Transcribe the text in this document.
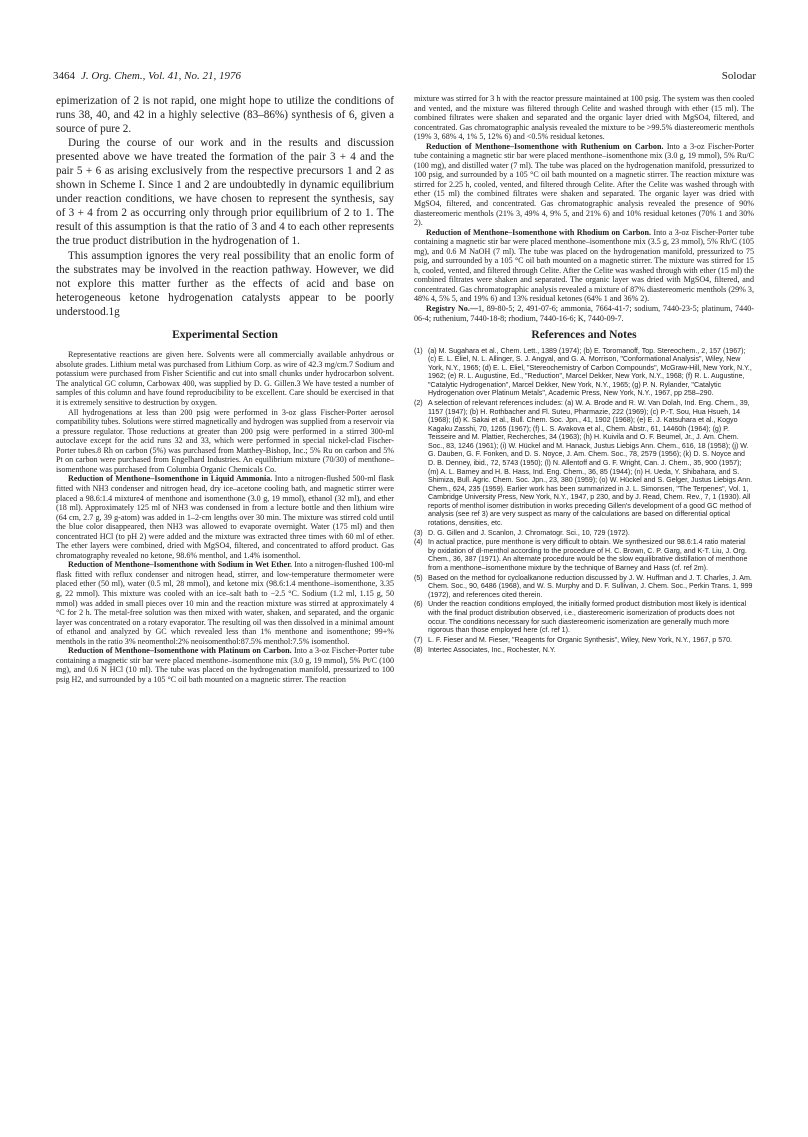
3464 J. Org. Chem., Vol. 41, No. 21, 1976	Solodar

epimerization of 2 is not rapid, one might hope to utilize the conditions of runs 38, 40, and 42 in a highly selective (83–86%) synthesis of 6, given a source of pure 2.

During the course of our work and in the results and discussion presented above we have treated the formation of the pair 3 + 4 and the pair 5 + 6 as arising exclusively from the respective precursors 1 and 2 as shown in Scheme I. Since 1 and 2 are undoubtedly in dynamic equilibrium under reaction conditions, we have chosen to represent the synthesis, say of 3 + 4 from 2 as occurring only through prior equilibrium of 2 to 1. The result of this assumption is that the ratio of 3 and 4 to each other represents the true product distribution in the hydrogenation of 1.

This assumption ignores the very real possibility that an enolic form of the substrates may be involved in the reaction pathway. However, we did not explore this matter further as the effects of acid and base on heterogeneous ketone hydrogenation catalysts appear to be poorly understood.1g

Experimental Section

Representative reactions are given here. Solvents were all commercially available anhydrous or absolute grades. Lithium metal was purchased from Lithium Corp. as wire of 42.3 mg/cm.7 Sodium and potassium were purchased from Fisher Scientific and cut into small chunks under hydrocarbon solvent. The analytical GC column, Carbowax 400, was supplied by D. G. Gillen.3 We have tested a number of samples of this column and have found reproducibility to be excellent. Care should be exercised in that it is extremely sensitive to destruction by oxygen.

All hydrogenations at less than 200 psig were performed in 3-oz glass Fischer-Porter aerosol compatibility tubes. Solutions were stirred magnetically and hydrogen was supplied from a reservoir via a pressure regulator. Those reductions at greater than 200 psig were performed in a stirred 300-ml autoclave except for the acid runs 32 and 33, which were performed in special nickel-clad Fischer-Porter tubes.8 Rh on carbon (5%) was purchased from Matthey-Bishop, Inc.; 5% Ru on carbon and 5% Pt on carbon were purchased from Engelhard Industries. An equilibrium mixture (70/30) of menthone–isomenthone was purchased from Columbia Organic Chemicals Co.

Reduction of Menthone–Isomenthone in Liquid Ammonia. Into a nitrogen-flushed 500-ml flask fitted with NH3 condenser and nitrogen head, dry ice–acetone cooling bath, and magnetic stirrer were placed a 98.6:1.4 mixture4 of menthone and isomenthone (3.0 g, 19 mmol), ethanol (32 ml), and ether (18 ml). Approximately 125 ml of NH3 was condensed in from a lecture bottle and then lithium wire (64 cm, 2.7 g, 39 g-atom) was added in 1–2-cm lengths over 30 min. The mixture was stirred cold until the blue color disappeared, then NH3 was allowed to evaporate overnight. Water (175 ml) and then concentrated HCl (to pH 2) were added and the mixture was extracted three times with 60 ml of ether. The ether layers were combined, dried with MgSO4, filtered, and concentrated to afford product. Gas chromatography revealed no ketone, 98.6% menthol, and 1.4% isomenthol.

Reduction of Menthone–Isomenthone with Sodium in Wet Ether. Into a nitrogen-flushed 100-ml flask fitted with reflux condenser and nitrogen head, stirrer, and low-temperature thermometer were placed ether (50 ml), water (0.5 ml, 28 mmol), and ketone mix (98.6:1.4 menthone–isomenthone, 3.35 g, 22 mmol). This mixture was cooled with an ice–salt bath to −2.5 °C. Sodium (1.2 ml, 1.15 g, 50 mmol) was added in small pieces over 10 min and the reaction mixture was stirred at approximately 4 °C for 2 h. The metal-free solution was then mixed with water, shaken, and separated, and the organic layer was concentrated on a rotary evaporator. The resulting oil was then dissolved in a minimal amount of ethanol and analyzed by GC which revealed less than 1% menthone and isomenthone; 99+% menthols in the ratio 3% neomenthol:2% neoisomenthol:87.5% menthol:7.5% isomenthol.

Reduction of Menthone–Isomenthone with Platinum on Carbon. Into a 3-oz Fischer-Porter tube containing a magnetic stir bar were placed menthone–isomenthone mix (3.0 g, 19 mmol), 5% Pt/C (100 mg), and 0.6 N HCl (10 ml). The tube was placed on the hydrogenation manifold, pressurized to 100 psig H2, and surrounded by a 105 °C oil bath mounted on a magnetic stirrer. The reaction

mixture was stirred for 3 h with the reactor pressure maintained at 100 psig. The system was then cooled and vented, and the mixture was filtered through Celite and washed through with ether (15 ml). The combined filtrates were shaken and separated and the organic layer dried with MgSO4, filtered, and concentrated. Gas chromatographic analysis revealed the mixture to be >99.5% diastereomeric menthols (19% 3, 68% 4, 1% 5, 12% 6) and <0.5% residual ketones.

Reduction of Menthone–Isomenthone with Ruthenium on Carbon. Into a 3-oz Fischer-Porter tube containing a magnetic stir bar were placed menthone–isomenthone mix (3.0 g, 19 mmol), 5% Ru/C (100 mg), and distilled water (7 ml). The tube was placed on the hydrogenation manifold, pressurized to 100 psig, and surrounded by a 105 °C oil bath mounted on a magnetic stirrer. The reaction mixture was stirred for 2.25 h, cooled, vented, and filtered through Celite. After the Celite was washed through with ether (15 ml) the combined filtrates were shaken and separated. The organic layer was dried with MgSO4, filtered, and concentrated. Gas chromatographic analysis revealed the presence of 90% diastereomeric menthols (21% 3, 49% 4, 9% 5, and 21% 6) and 10% residual ketones (70% 1 and 30% 2).

Reduction of Menthone–Isomenthone with Rhodium on Carbon. Into a 3-oz Fischer-Porter tube containing a magnetic stir bar were placed menthone–isomenthone mix (3.5 g, 23 mmol), 5% Rh/C (105 mg), and 0.6 M NaOH (7 ml). The tube was placed on the hydrogenation manifold, pressurized to 75 psig, and surrounded by a 105 °C oil bath mounted on a magnetic stirrer. The mixture was stirred for 15 h, cooled, vented, and filtered through Celite. After the Celite was washed through with ether (15 ml) the combined filtrates were shaken and separated. The organic layer was dried with MgSO4, filtered, and concentrated. Gas chromatographic analysis revealed a mixture of 87% diastereomeric menthols (29% 3, 48% 4, 5% 5, and 19% 6) and 13% residual ketones (64% 1 and 36% 2).

Registry No.—1, 89-80-5; 2, 491-07-6; ammonia, 7664-41-7; sodium, 7440-23-5; platinum, 7440-06-4; ruthenium, 7440-18-8; rhodium, 7440-16-6; K, 7440-09-7.

References and Notes
(1) (a) M. Sugahara et al., Chem. Lett., 1389 (1974); (b) E. Toromanoff, Top. Stereochem., 2, 157 (1967); (c) E. L. Eliel, N. L. Allinger, S. J. Angyal, and G. A. Morrison, "Conformational Analysis", Wiley, New York, N.Y., 1965; (d) E. L. Eliel, "Stereochemistry of Carbon Compounds", McGraw-Hill, New York, N.Y., 1962; (e) R. L. Augustine, Ed., "Reduction", Marcel Dekker, New York, N.Y., 1968; (f) R. L. Augustine, "Catalytic Hydrogenation", Marcel Dekker, New York, N.Y., 1965; (g) P. N. Rylander, "Catalytic Hydrogenation over Platinum Metals", Academic Press, New York, N.Y., 1967, pp 258–290.
(2) A selection of relevant references includes: (a) W. A. Brode and R. W. Van Dolah, Ind. Eng. Chem., 39, 1157 (1947); (b) H. Rothbacher and Fl. Suteu, Pharmazie, 222 (1969); (c) P.-T. Sou, Hua Hsueh, 14 (1968); (d) K. Sakai et al., Bull. Chem. Soc. Jpn., 41, 1902 (1968); (e) E. J. Katsuhara et al., Kogyo Kagaku Zasshi, 70, 1265 (1967); (f) L. S. Avakova et al., Chem. Abstr., 61, 14460h (1964); (g) P. Teisseire and M. Plattier, Recherches, 34 (1963); (h) H. Kuivila and O. F. Beumel, Jr., J. Am. Chem. Soc., 83, 1246 (1961); (i) W. Hückel and M. Hanack, Justus Liebigs Ann. Chem., 616, 18 (1958); (j) W. G. Dauben, G. F. Fonken, and D. S. Noyce, J. Am. Chem. Soc., 78, 2579 (1956); (k) D. S. Noyce and D. B. Denney, ibid., 72, 5743 (1950); (l) N. Allentoff and G. F. Wright, Can. J. Chem., 35, 900 (1957); (m) A. L. Barney and H. B. Hass, Ind. Eng. Chem., 36, 85 (1944); (n) H. Ueda, Y. Shibahara, and S. Shimiza, Bull. Agric. Chem. Soc. Jpn., 23, 380 (1959); (o) W. Hückel and S. Gelger, Justus Liebigs Ann. Chem., 624, 235 (1959). Earlier work has been summarized in J. L. Simonsen, "The Terpenes", Vol. 1, Cambridge University Press, New York, N.Y., 1947, p 230, and by J. Read, Chem. Rev., 7, 1 (1930). All reports of menthol isomer distribution in works preceding Gillen's development of a good GC method of analysis (see ref 3) are very suspect as many of the calculations are based on differential optical rotations, densities, etc.
(3) D. G. Gillen and J. Scanlon, J. Chromatogr. Sci., 10, 729 (1972).
(4) In actual practice, pure menthone is very difficult to obtain. We synthesized our 98.6:1.4 ratio material by oxidation of dl-menthol according to the procedure of H. C. Brown, C. P. Garg, and K-T. Liu, J. Org. Chem., 36, 387 (1971). An alternate procedure would be the slow equilibrative distillation of menthone from a menthone–isomenthone mixture by the technique of Barney and Hass (cf. ref 2m).
(5) Based on the method for cycloalkanone reduction discussed by J. W. Huffman and J. T. Charles, J. Am. Chem. Soc., 90, 6486 (1968), and W. S. Murphy and D. F. Sullivan, J. Chem. Soc., Perkin Trans. 1, 999 (1972), and references cited therein.
(6) Under the reaction conditions employed, the initially formed product distribution most likely is identical with the final product distribution observed, i.e., diastereomeric isomerization of products does not occur. The conditions necessary for such diastereomeric isomerization are generally much more rigorous than those employed here (cf. ref 1).
(7) L. F. Fieser and M. Fieser, "Reagents for Organic Synthesis", Wiley, New York, N.Y., 1967, p 570.
(8) Intertec Associates, Inc., Rochester, N.Y.
